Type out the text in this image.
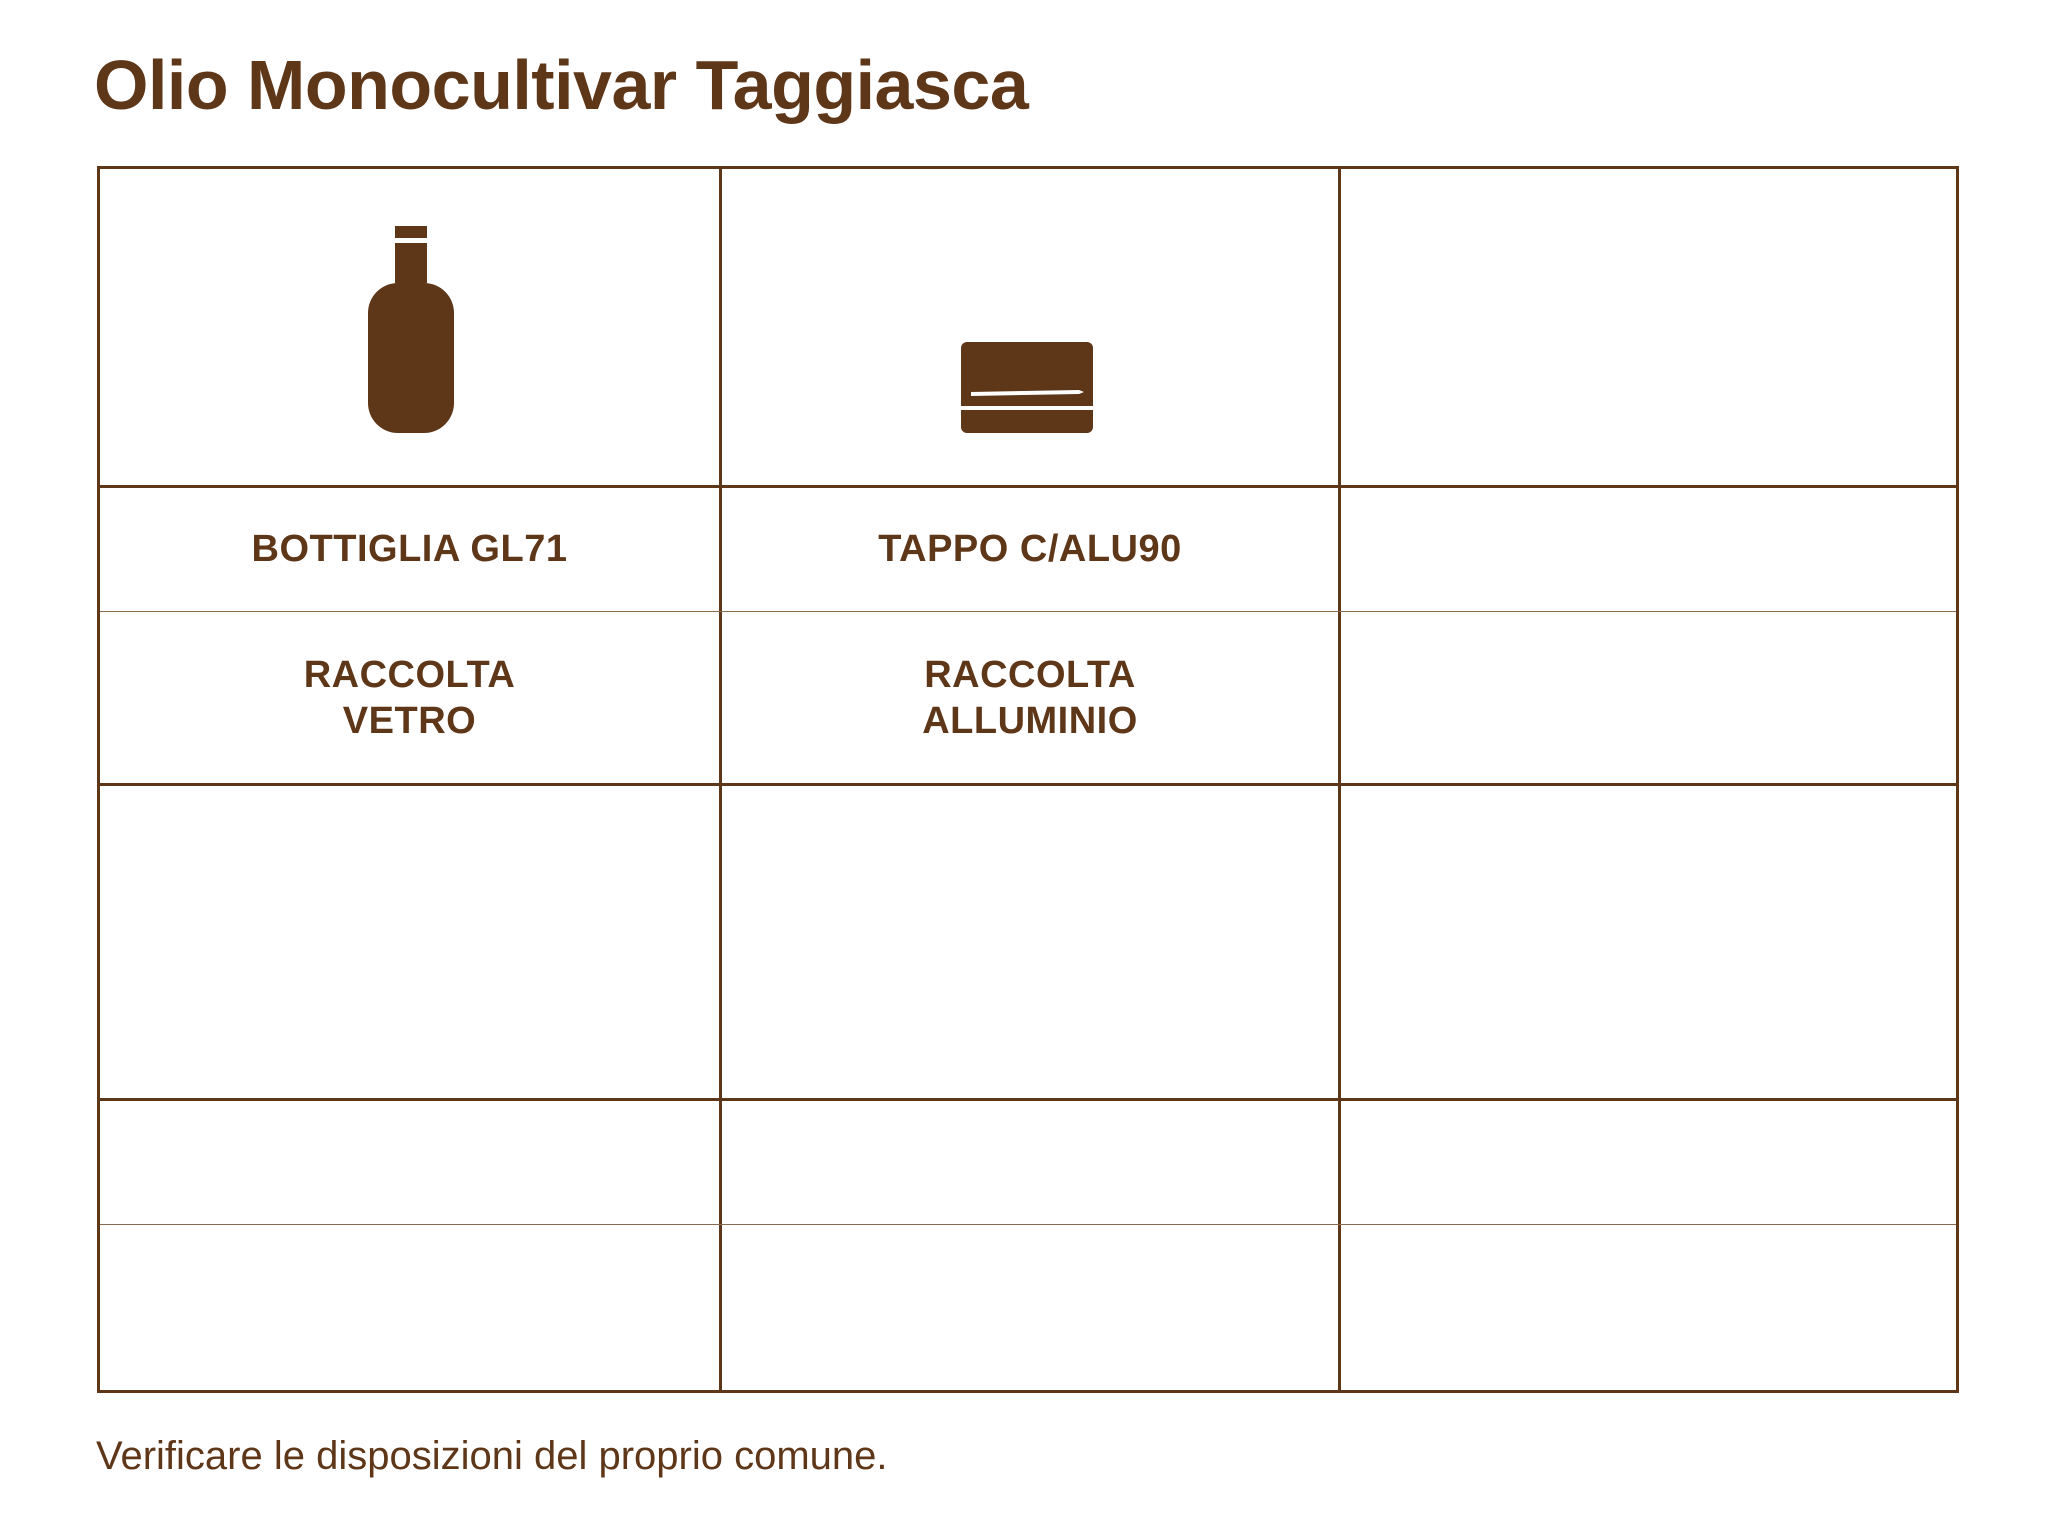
Olio Monocultivar Taggiasca
BOTTIGLIA GL71	TAPPO C/ALU90
RACCOLTA
VETRO
RACCOLTA
ALLUMINIO

Verificare le disposizioni del proprio comune.
